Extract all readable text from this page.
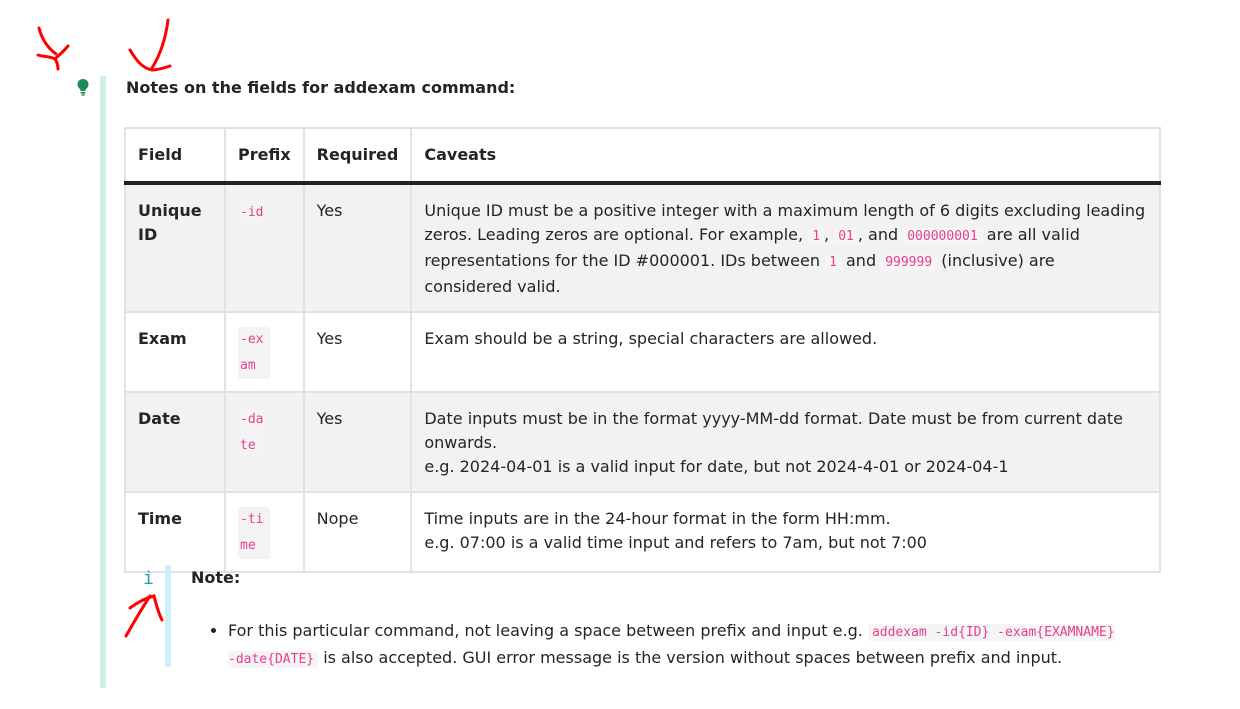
Notes on the fields for addexam command:
Field	Prefix	Required	Caveats
Unique ID	-id	Yes	Unique ID must be a positive integer with a maximum length of 6 digits excluding leading zeros. Leading zeros are optional. For example, 1 , 01 , and 000000001 are all valid representations for the ID #000001. IDs between 1 and 999999 (inclusive) are considered valid.
Exam	-exam	Yes	Exam should be a string, special characters are allowed.
Date	-date	Yes	Date inputs must be in the format yyyy-MM-dd format. Date must be from current date onwards.
e.g. 2024-04-01 is a valid input for date, but not 2024-4-01 or 2024-04-1

Time	-time	Nope	Time inputs are in the 24-hour format in the form HH:mm.
e.g. 07:00 is a valid time input and refers to 7am, but not 7:00
i Note:
• For this particular command, not leaving a space between prefix and input e.g. addexam -id{ID} -exam{EXAMNAME} -date{DATE} is also accepted. GUI error message is the version without spaces between prefix and input.
